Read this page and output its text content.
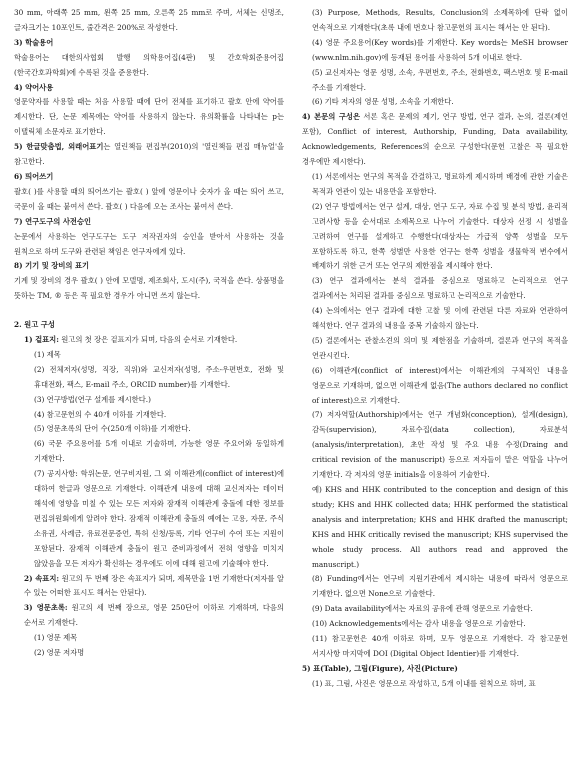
30 mm, 아래쪽 25 mm, 왼쪽 25 mm, 오른쪽 25 mm로 주며, 서체는 신명조, 글자크기는 10포인트, 줄간격은 200%로 작성한다.

3) 학술용어

학술용어는 대한의사협회 발행 의학용어집(4판) 및 간호학회준용어집(한국간호과학회)에 수록된 것을 준용한다.

4) 약어사용

영문약자를 사용할 때는 처음 사용할 때에 단어 전체를 표기하고 괄호 안에 약어를 제시한다. 단, 논문 제목에는 약어를 사용하지 않는다. 유의확률을 나타내는 p는 이탤릭체 소문자로 표기한다.

5) 한글맞춤법, 외래어표기는 열린책들 편집부(2010)의 '열린책들 편집 매뉴얼'을 참고한다.

6) 띄어쓰기

괄호( )를 사용할 때의 띄어쓰기는 괄호( ) 앞에 영문이나 숫자가 올 때는 띄어 쓰고, 국문이 올 때는 붙여서 쓴다. 괄호( ) 다음에 오는 조사는 붙여서 쓴다.

7) 연구도구의 사전승인

논문에서 사용하는 연구도구는 도구 저작권자의 승인을 받아서 사용하는 것을 원칙으로 하며 도구와 관련된 책임은 연구자에게 있다.

8) 기기 및 장비의 표기

기계 및 장비의 경우 괄호( ) 안에 모델명, 제조회사, 도시(주), 국적을 쓴다. 상품명을 뜻하는 TM, ® 등은 꼭 필요한 경우가 아니면 쓰지 않는다.

2. 원고 구성

1) 겉표지: 원고의 첫 장은 겉표지가 되며, 다음의 순서로 기재한다.

(1) 제목

(2) 전체저자(성명, 직장, 직위)와 교신저자(성명, 주소-우편번호, 전화 및 휴대전화, 팩스, E-mail 주소, ORCID number)를 기재한다.

(3) 연구방법(연구 설계를 제시한다.)

(4) 참고문헌의 수 40개 이하를 기재한다.

(5) 영문초록의 단어 수(250개 이하)를 기재한다.

(6) 국문 주요용어를 5개 이내로 기술하며, 가능한 영문 주요어와 동일하게 기재한다.

(7) 공지사항: 학위논문, 연구비지원, 그 외 이해관계(conflict of interest)에 대하여 한글과 영문으로 기재한다. 이해관계 내용에 대해 교신저자는 데이터 해석에 영향을 미칠 수 있는 모든 저자와 잠재적 이해관계 충돌에 대한 정보를 편집위원회에게 알려야 한다. 잠재적 이해관계 충돌의 예에는 고용, 자문, 주식 소유권, 사례금, 유료전문증언, 특허 신청/등록, 기타 연구비 수여 또는 지원이 포함된다. 잠재적 이해관계 충돌이 원고 준비과정에서 전혀 영향을 미치지 않았음을 모든 저자가 확신하는 경우에도 이에 대해 원고에 기술해야 한다.

2) 속표지: 원고의 두 번째 장은 속표지가 되며, 제목만을 1번 기재한다(저자를 알 수 있는 어떠한 표시도 해서는 안된다).

3) 영문초록: 원고의 세 번째 장으로, 영문 250단어 이하로 기재하며, 다음의 순서로 기재한다.

(1) 영문 제목

(2) 영문 저자명

(3) Purpose, Methods, Results, Conclusion의 소제목하에 단락 없이 연속적으로 기재한다(초록 내에 번호나 참고문헌의 표시는 해서는 안 된다).

(4) 영문 주요용어(Key words)를 기재한다. Key words는 MeSH browser (www.nlm.nih.gov)에 등재된 용어를 사용하여 5개 이내로 한다.

(5) 교신저자는 영문 성명, 소속, 우편번호, 주소, 전화번호, 팩스번호 및 E-mail 주소를 기재한다.

(6) 기타 저자의 영문 성명, 소속을 기재한다.

4) 본문의 구성은 서론 혹은 문제의 제기, 연구 방법, 연구 결과, 논의, 결론(제언 포함), Conflict of interest, Authorship, Funding, Data availability, Acknowledgements, References의 순으로 구성한다(문헌 고찰은 꼭 필요한 경우에만 제시한다).

(1) 서론에서는 연구의 목적을 간결하고, 명료하게 제시하며 배경에 관한 기술은 목적과 연관이 있는 내용만을 포함한다.

(2) 연구 방법에서는 연구 설계, 대상, 연구 도구, 자료 수집 및 분석 방법, 윤리적 고려사항 등을 순서대로 소제목으로 나누어 기술한다. 대상자 선정 시 성별을 고려하여 연구를 설계하고 수행한다(대상자는 가급적 양쪽 성별을 모두 포함하도록 하고, 한쪽 성별만 사용한 연구는 한쪽 성별을 생물학적 변수에서 배제하기 위한 근거 또는 연구의 제한점을 제시해야 한다.

(3) 연구 결과에서는 분석 결과를 중심으로 명료하고 논리적으로 연구 결과에서는 처리된 결과를 중심으로 명료하고 논리적으로 기술한다.

(4) 논의에서는 연구 결과에 대한 고찰 및 이에 관련된 다른 자료와 연관하여 해석한다. 연구 결과의 내용을 중복 기술하지 않는다.

(5) 결론에서는 관찰소견의 의미 및 제한점을 기술하며, 결론과 연구의 목적을 연관시킨다.

(6) 이해관계(conflict of interest)에서는 이해관계의 구체적인 내용을 영문으로 기재하며, 없으면 이해관계 없음(The authors declared no conflict of interest)으로 기재한다.

(7) 저자역할(Authorship)에서는 연구 개념화(conception), 설계(design), 감독(supervision), 자료수집(data collection), 자료분석(analysis/interpretation), 초안 작성 및 주요 내용 수정(Draing and critical revision of the manuscript) 등으로 저자들이 맡은 역할을 나누어 기재한다. 각 저자의 영문 initials을 이용하여 기술한다.

예) KHS and HHK contributed to the conception and design of this study; KHS and HHK collected data; HHK performed the statistical analysis and interpretation; KHS and HHK drafted the manuscript; KHS and HHK critically revised the manuscript; KHS supervised the whole study process. All authors read and approved the manuscript.)

(8) Funding에서는 연구비 지원기관에서 제시하는 내용에 따라서 영문으로 기재한다. 없으면 None으로 기술한다.

(9) Data availability에서는 자료의 공유에 관해 영문으로 기술한다.

(10) Acknowledgements에서는 감사 내용을 영문으로 기술한다.

(11) 참고문헌은 40개 이하로 하며, 모두 영문으로 기재한다. 각 참고문헌 서지사항 마지막에 DOI (Digital Object Identier)를 기재한다.

5) 표(Table), 그림(Figure), 사진(Picture)

(1) 표, 그림, 사진은 영문으로 작성하고, 5개 이내를 원칙으로 하며, 표
